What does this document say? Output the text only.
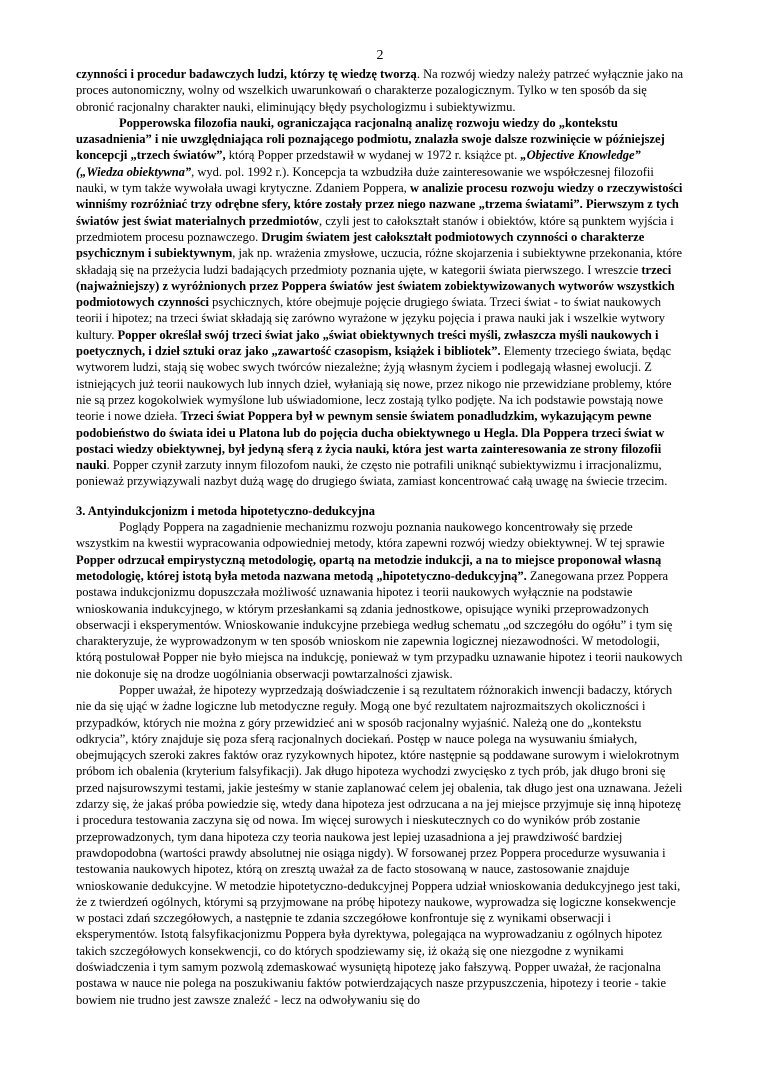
2

czynności i procedur badawczych ludzi, którzy tę wiedzę tworzą. Na rozwój wiedzy należy patrzeć wyłącznie jako na proces autonomiczny, wolny od wszelkich uwarunkowań o charakterze pozalogicznym. Tylko w ten sposób da się obronić racjonalny charakter nauki, eliminujący błędy psychologizmu i subiektywizmu.

Popperowska filozofia nauki, ograniczająca racjonalną analizę rozwoju wiedzy do „kontekstu uzasadnienia” i nie uwzględniająca roli poznającego podmiotu, znalazła swoje dalsze rozwinięcie w późniejszej koncepcji „trzech światów”, którą Popper przedstawił w wydanej w 1972 r. książce pt. „Objective Knowledge” („Wiedza obiektywna”, wyd. pol. 1992 r.). Koncepcja ta wzbudziła duże zainteresowanie we współczesnej filozofii nauki, w tym także wywołała uwagi krytyczne. Zdaniem Poppera, w analizie procesu rozwoju wiedzy o rzeczywistości winniśmy rozróżniać trzy odrębne sfery, które zostały przez niego nazwane „trzema światami”. Pierwszym z tych światów jest świat materialnych przedmiotów, czyli jest to całokształt stanów i obiektów, które są punktem wyjścia i przedmiotem procesu poznawczego. Drugim światem jest całokształt podmiotowych czynności o charakterze psychicznym i subiektywnym, jak np. wrażenia zmysłowe, uczucia, różne skojarzenia i subiektywne przekonania, które składają się na przeżycia ludzi badających przedmioty poznania ujęte, w kategorii świata pierwszego. I wreszcie trzeci (najważniejszy) z wyróżnionych przez Poppera światów jest światem zobiektywizowanych wytworów wszystkich podmiotowych czynności psychicznych, które obejmuje pojęcie drugiego świata. Trzeci świat - to świat naukowych teorii i hipotez; na trzeci świat składają się zarówno wyrażone w języku pojęcia i prawa nauki jak i wszelkie wytwory kultury. Popper określał swój trzeci świat jako „świat obiektywnych treści myśli, zwłaszcza myśli naukowych i poetycznych, i dzieł sztuki oraz jako „zawartość czasopism, książek i bibliotek”. Elementy trzeciego świata, będąc wytworem ludzi, stają się wobec swych twórców niezależne; żyją własnym życiem i podlegają własnej ewolucji. Z istniejących już teorii naukowych lub innych dzieł, wyłaniają się nowe, przez nikogo nie przewidziane problemy, które nie są przez kogokolwiek wymyślone lub uświadomione, lecz zostają tylko podjęte. Na ich podstawie powstają nowe teorie i nowe dzieła. Trzeci świat Poppera był w pewnym sensie światem ponadludzkim, wykazującym pewne podobieństwo do świata idei u Platona lub do pojęcia ducha obiektywnego u Hegla. Dla Poppera trzeci świat w postaci wiedzy obiektywnej, był jedyną sferą z życia nauki, która jest warta zainteresowania ze strony filozofii nauki. Popper czynił zarzuty innym filozofom nauki, że często nie potrafili uniknąć subiektywizmu i irracjonalizmu, ponieważ przywiązywali nazbyt dużą wagę do drugiego świata, zamiast koncentrować całą uwagę na świecie trzecim.

3. Antyindukcjonizm i metoda hipotetyczno-dedukcyjna

Poglądy Poppera na zagadnienie mechanizmu rozwoju poznania naukowego koncentrowały się przede wszystkim na kwestii wypracowania odpowiedniej metody, która zapewni rozwój wiedzy obiektywnej. W tej sprawie Popper odrzucał empirystyczną metodologię, opartą na metodzie indukcji, a na to miejsce proponował własną metodologię, której istotą była metoda nazwana metodą „hipotetyczno-dedukcyjną”. Zanegowana przez Poppera postawa indukcjonizmu dopuszczała możliwość uznawania hipotez i teorii naukowych wyłącznie na podstawie wnioskowania indukcyjnego, w którym przesłankami są zdania jednostkowe, opisujące wyniki przeprowadzonych obserwacji i eksperymentów. Wnioskowanie indukcyjne przebiega według schematu „od szczegółu do ogółu” i tym się charakteryzuje, że wyprowadzonym w ten sposób wnioskom nie zapewnia logicznej niezawodności. W metodologii, którą postulował Popper nie było miejsca na indukcję, ponieważ w tym przypadku uznawanie hipotez i teorii naukowych nie dokonuje się na drodze uogólniania obserwacji powtarzalności zjawisk.

Popper uważał, że hipotezy wyprzedzają doświadczenie i są rezultatem różnorakich inwencji badaczy, których nie da się ująć w żadne logiczne lub metodyczne reguły. Mogą one być rezultatem najrozmaitszych okoliczności i przypadków, których nie można z góry przewidzieć ani w sposób racjonalny wyjaśnić. Należą one do „kontekstu odkrycia”, który znajduje się poza sferą racjonalnych dociekań. Postęp w nauce polega na wysuwaniu śmiałych, obejmujących szeroki zakres faktów oraz ryzykownych hipotez, które następnie są poddawane surowym i wielokrotnym próbom ich obalenia (kryterium falsyfikacji). Jak długo hipoteza wychodzi zwycięsko z tych prób, jak długo broni się przed najsurowszymi testami, jakie jesteśmy w stanie zaplanować celem jej obalenia, tak długo jest ona uznawana. Jeżeli zdarzy się, że jakaś próba powiedzie się, wtedy dana hipoteza jest odrzucana a na jej miejsce przyjmuje się inną hipotezę i procedura testowania zaczyna się od nowa. Im więcej surowych i nieskutecznych co do wyników prób zostanie przeprowadzonych, tym dana hipoteza czy teoria naukowa jest lepiej uzasadniona a jej prawdziwość bardziej prawdopodobna (wartości prawdy absolutnej nie osiąga nigdy). W forsowanej przez Poppera procedurze wysuwania i testowania naukowych hipotez, którą on zresztą uważał za de facto stosowaną w nauce, zastosowanie znajduje wnioskowanie dedukcyjne. W metodzie hipotetyczno-dedukcyjnej Poppera udział wnioskowania dedukcyjnego jest taki, że z twierdzeń ogólnych, którymi są przyjmowane na próbę hipotezy naukowe, wyprowadza się logiczne konsekwencje w postaci zdań szczegółowych, a następnie te zdania szczegółowe konfrontuje się z wynikami obserwacji i eksperymentów. Istotą falsyfikacjonizmu Poppera była dyrektywa, polegająca na wyprowadzaniu z ogólnych hipotez takich szczegółowych konsekwencji, co do których spodziewamy się, iż okażą się one niezgodne z wynikami doświadczenia i tym samym pozwolą zdemaskować wysuniętą hipotezę jako fałszywą. Popper uważał, że racjonalna postawa w nauce nie polega na poszukiwaniu faktów potwierdzających nasze przypuszczenia, hipotezy i teorie - takie bowiem nie trudno jest zawsze znaleźć - lecz na odwoływaniu się do
